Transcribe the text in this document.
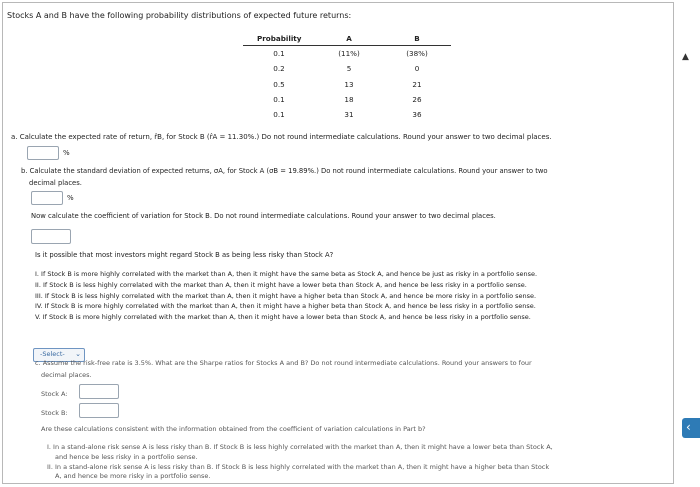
Stocks A and B have the following probability distributions of expected future returns:
Probability	A	B
0.1	(11%)	(38%)
0.2	5	0
0.5	13	21
0.1	18	26
0.1	31	36
a. Calculate the expected rate of return, r̂B, for Stock B (r̂A = 11.30%.) Do not round intermediate calculations. Round your answer to two decimal places.
%
b. Calculate the standard deviation of expected returns, σA, for Stock A (σB = 19.89%.) Do not round intermediate calculations. Round your answer to two
decimal places.
%
Now calculate the coefficient of variation for Stock B. Do not round intermediate calculations. Round your answer to two decimal places.
Is it possible that most investors might regard Stock B as being less risky than Stock A?
I. If Stock B is more highly correlated with the market than A, then it might have the same beta as Stock A, and hence be just as risky in a portfolio sense.
II. If Stock B is less highly correlated with the market than A, then it might have a lower beta than Stock A, and hence be less risky in a portfolio sense.
III. If Stock B is less highly correlated with the market than A, then it might have a higher beta than Stock A, and hence be more risky in a portfolio sense.
IV. If Stock B is more highly correlated with the market than A, then it might have a higher beta than Stock A, and hence be less risky in a portfolio sense.
V. If Stock B is more highly correlated with the market than A, then it might have a lower beta than Stock A, and hence be less risky in a portfolio sense.
-Select- ⌄
c. Assume the risk-free rate is 3.5%. What are the Sharpe ratios for Stocks A and B? Do not round intermediate calculations. Round your answers to four
decimal places.
Stock A:
Stock B:
Are these calculations consistent with the information obtained from the coefficient of variation calculations in Part b?
I. In a stand-alone risk sense A is less risky than B. If Stock B is less highly correlated with the market than A, then it might have a lower beta than Stock A,
and hence be less risky in a portfolio sense.
II. In a stand-alone risk sense A is less risky than B. If Stock B is less highly correlated with the market than A, then it might have a higher beta than Stock
A, and hence be more risky in a portfolio sense.
▲
‹
